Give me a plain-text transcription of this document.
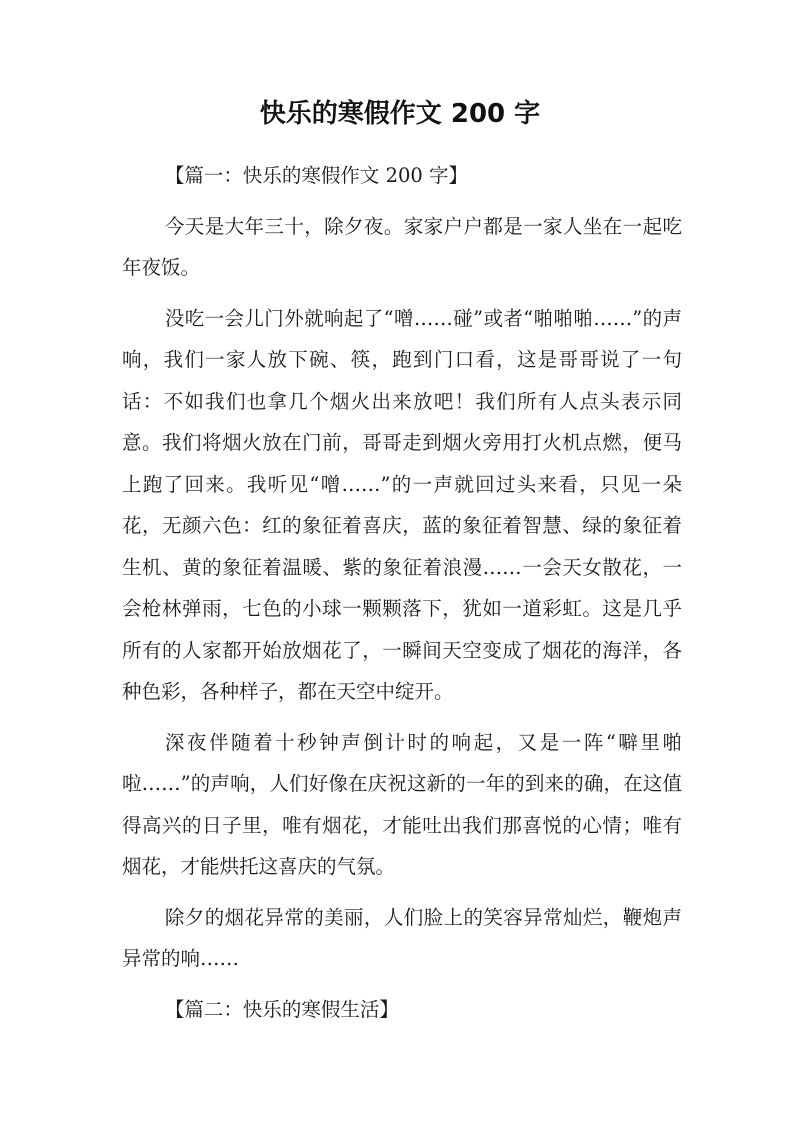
快乐的寒假作文 200 字

【篇一：快乐的寒假作文 200 字】

今天是大年三十，除夕夜。家家户户都是一家人坐在一起吃年夜饭。

没吃一会儿门外就响起了“噌……碰”或者“啪啪啪……”的声响，我们一家人放下碗、筷，跑到门口看，这是哥哥说了一句话：不如我们也拿几个烟火出来放吧！我们所有人点头表示同意。我们将烟火放在门前，哥哥走到烟火旁用打火机点燃，便马上跑了回来。我听见“噌……”的一声就回过头来看，只见一朵花，无颜六色：红的象征着喜庆，蓝的象征着智慧、绿的象征着生机、黄的象征着温暖、紫的象征着浪漫……一会天女散花，一会枪林弹雨，七色的小球一颗颗落下，犹如一道彩虹。这是几乎所有的人家都开始放烟花了，一瞬间天空变成了烟花的海洋，各种色彩，各种样子，都在天空中绽开。

深夜伴随着十秒钟声倒计时的响起，又是一阵“噼里啪啦……”的声响，人们好像在庆祝这新的一年的到来的确，在这值得高兴的日子里，唯有烟花，才能吐出我们那喜悦的心情；唯有烟花，才能烘托这喜庆的气氛。

除夕的烟花异常的美丽，人们脸上的笑容异常灿烂，鞭炮声异常的响……

【篇二：快乐的寒假生活】
